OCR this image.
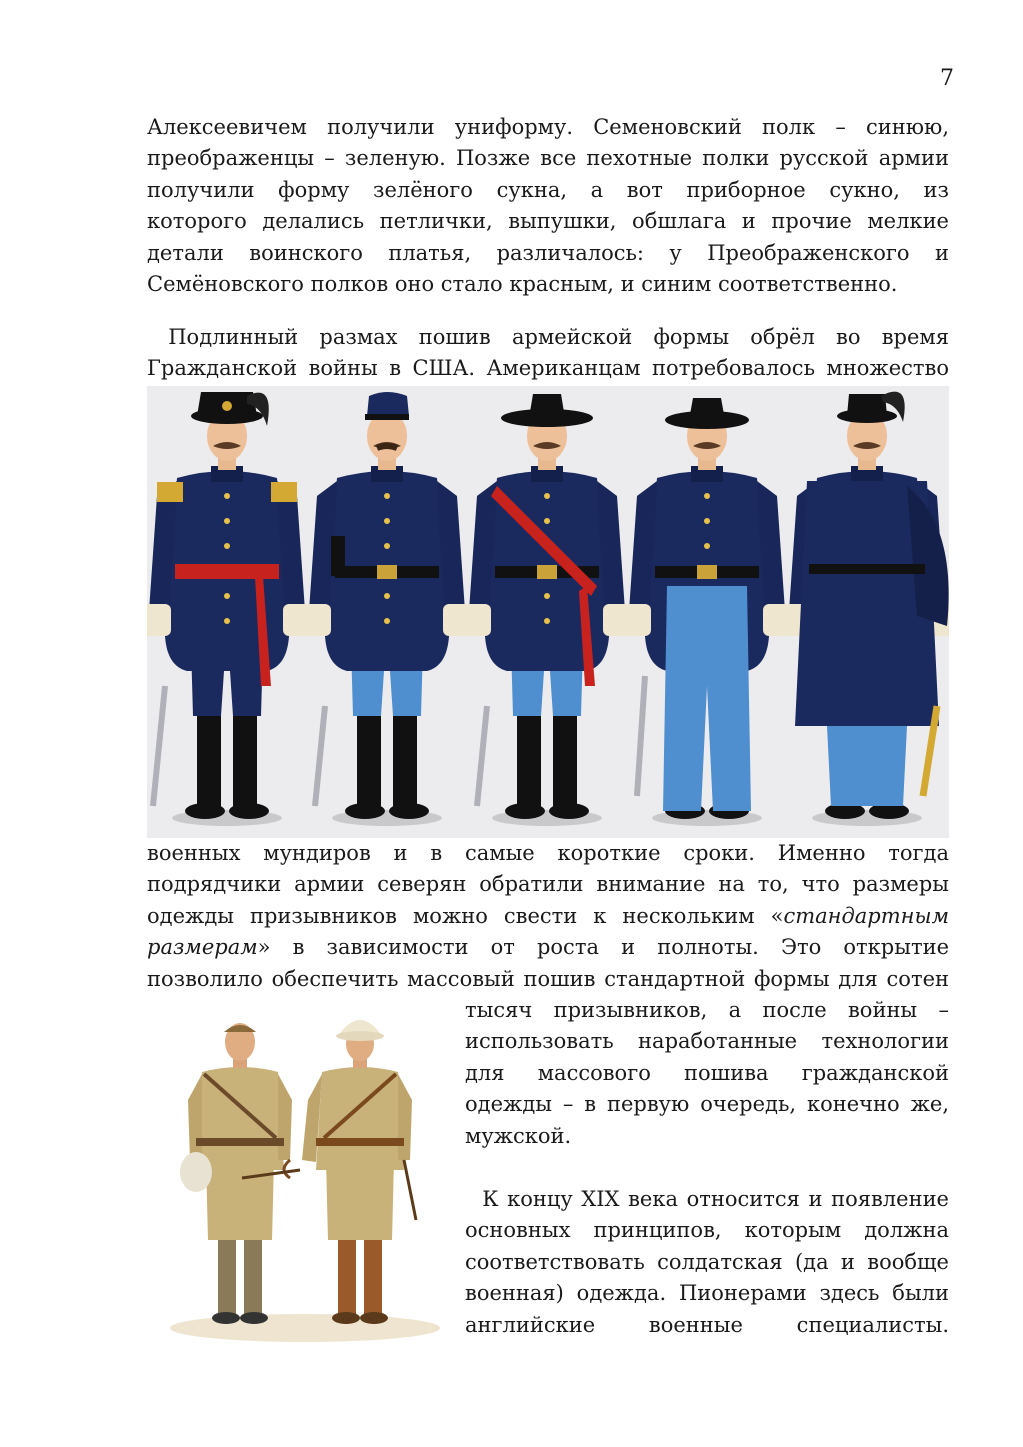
7

Алексеевичем получили униформу. Семеновский полк – синюю,
преображенцы – зеленую. Позже все пехотные полки русской армии
получили форму зелёного сукна, а вот приборное сукно, из
которого делались петлички, выпушки, обшлага и прочие мелкие
детали воинского платья, различалось: у Преображенского и
Семёновского полков оно стало красным, и синим соответственно.

Подлинный размах пошив армейской формы обрёл во время
Гражданской войны в США. Американцам потребовалось множество

военных мундиров и в самые короткие сроки. Именно тогда
подрядчики армии северян обратили внимание на то, что размеры
одежды призывников можно свести к нескольким «стандартным
размерам» в зависимости от роста и полноты. Это открытие
позволило обеспечить массовый пошив стандартной формы для сотен

тысяч призывников, а после войны –
использовать наработанные технологии
для массового пошива гражданской
одежды – в первую очередь, конечно же,
мужской.

К концу XIX века относится и появление
основных принципов, которым должна
соответствовать солдатская (да и вообще
военная) одежда. Пионерами здесь были
английские военные специалисты.
